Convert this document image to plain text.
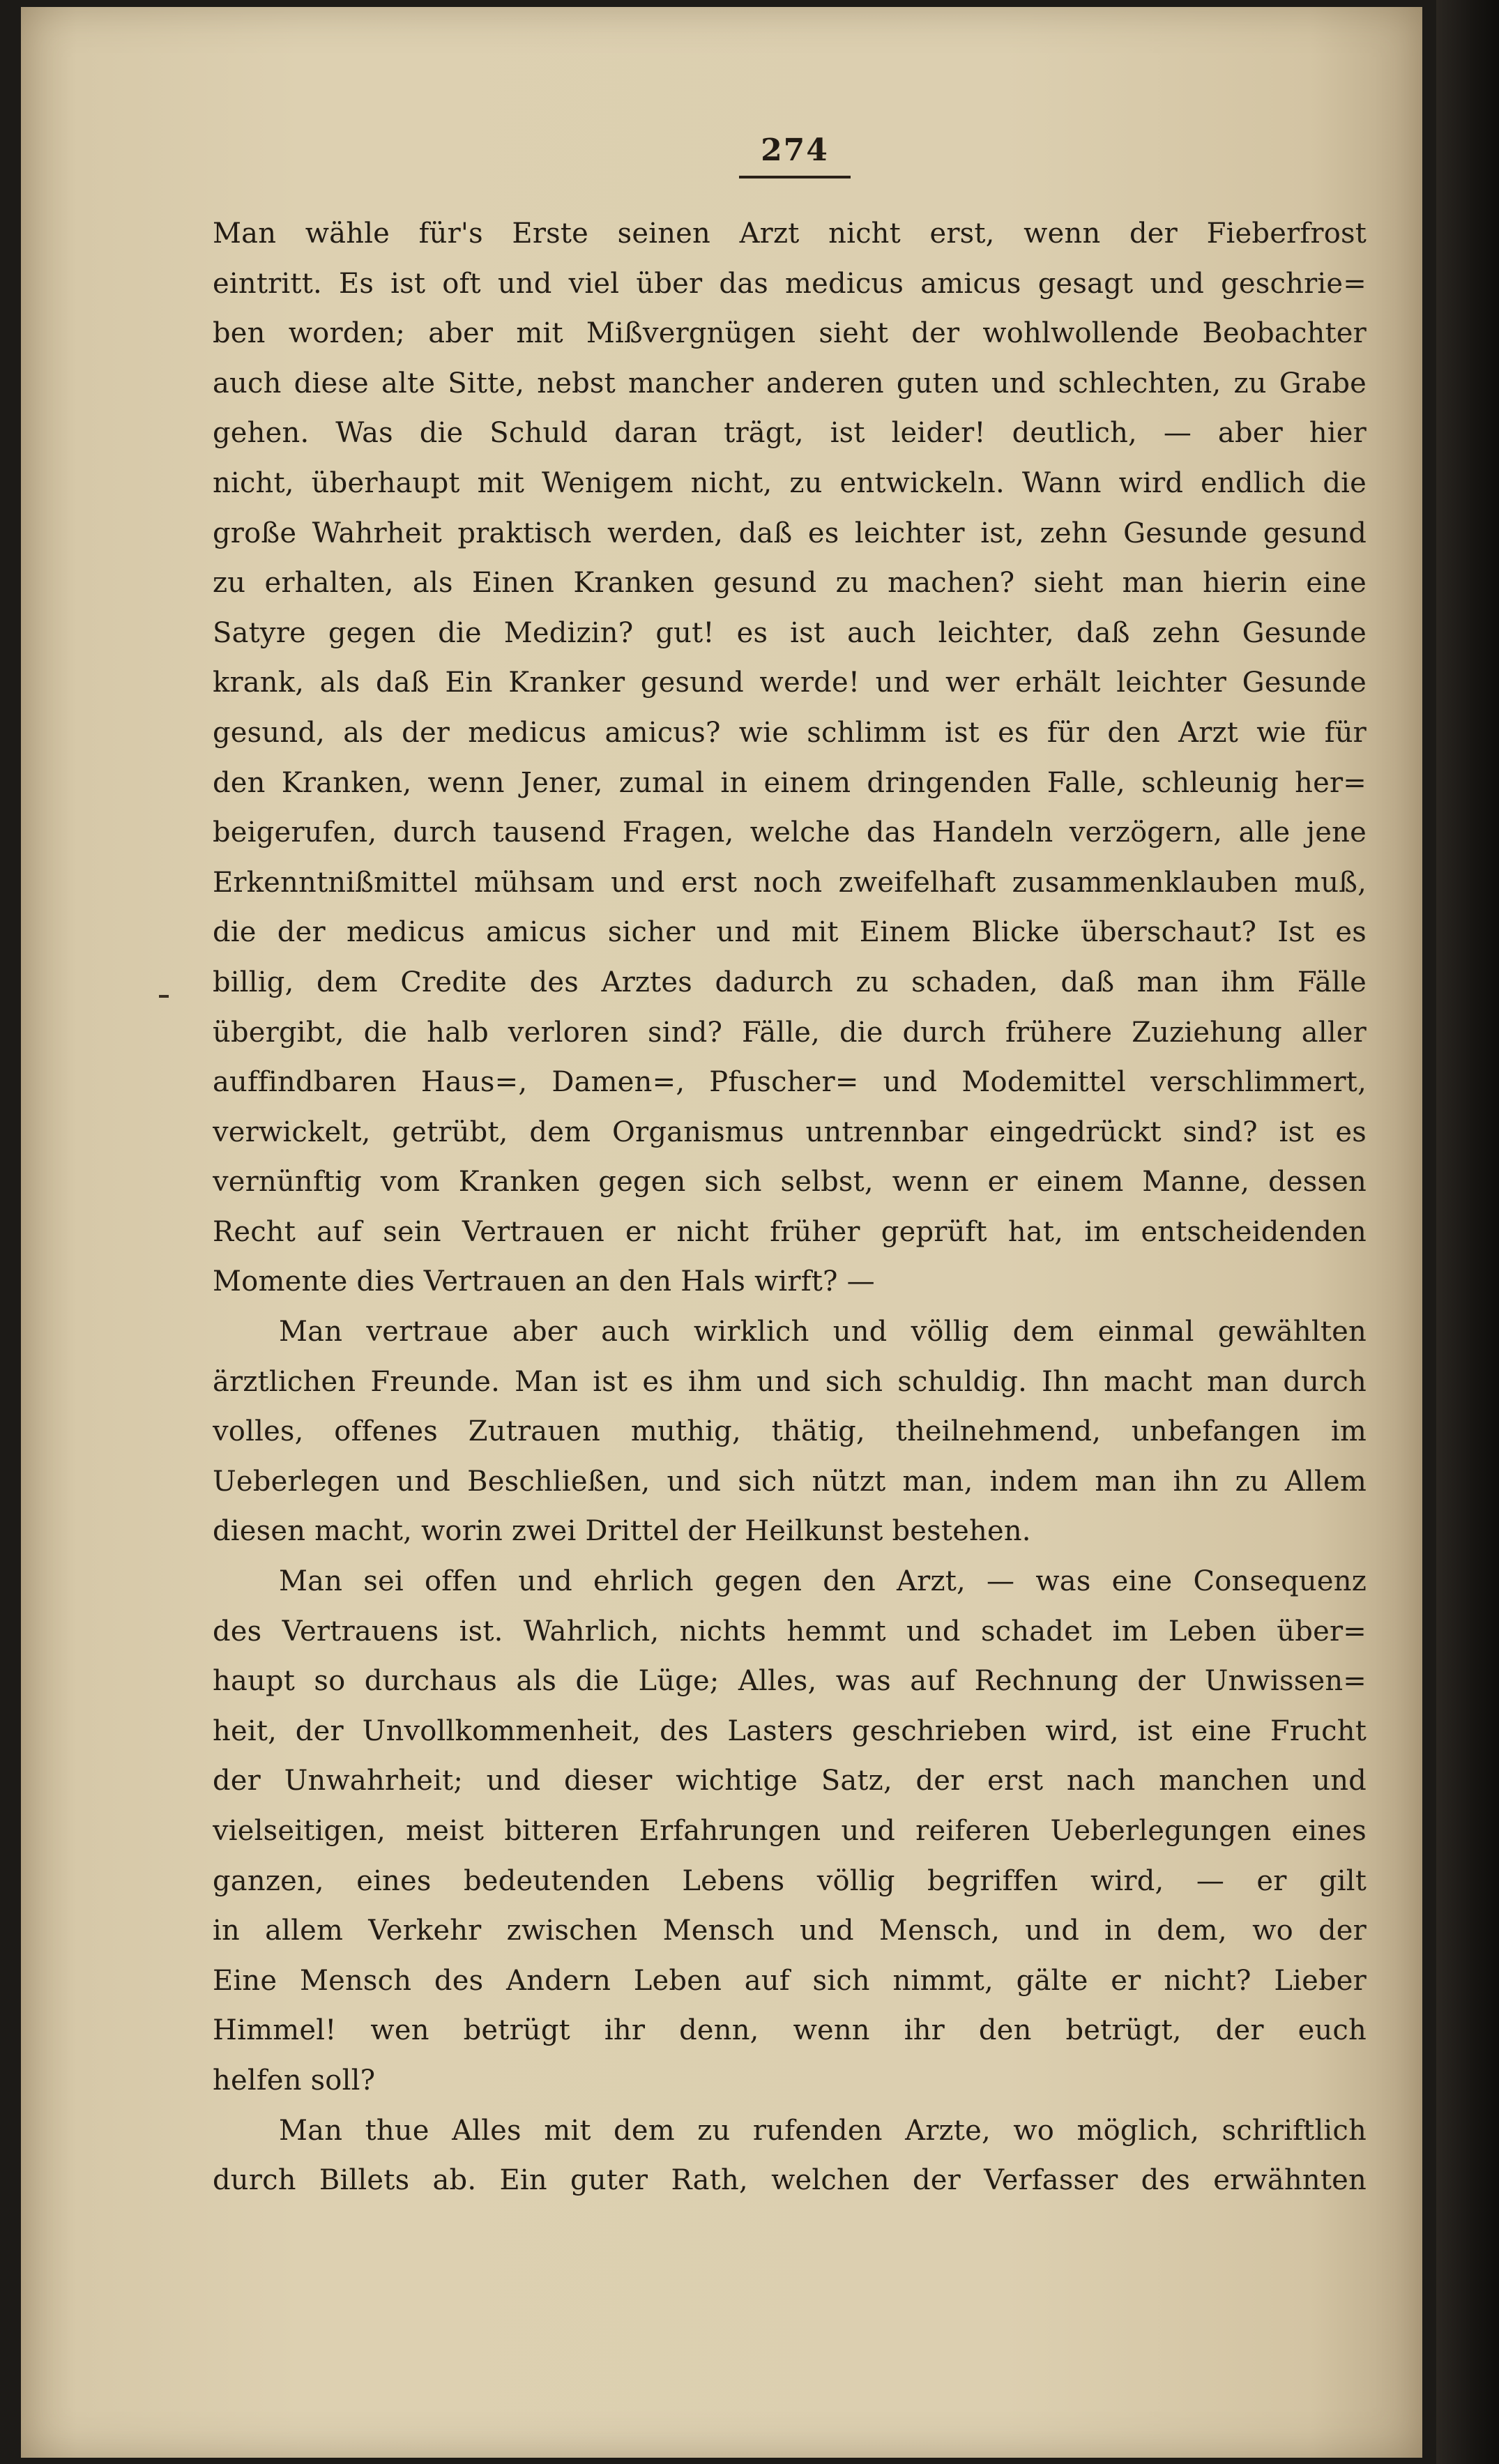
274
Man wähle für's Erste seinen Arzt nicht erst, wenn der Fieberfrost
eintritt. Es ist oft und viel über das medicus amicus gesagt und geschrie=
ben worden; aber mit Mißvergnügen sieht der wohlwollende Beobachter
auch diese alte Sitte, nebst mancher anderen guten und schlechten, zu Grabe
gehen. Was die Schuld daran trägt, ist leider! deutlich, — aber hier
nicht, überhaupt mit Wenigem nicht, zu entwickeln. Wann wird endlich die
große Wahrheit praktisch werden, daß es leichter ist, zehn Gesunde gesund
zu erhalten, als Einen Kranken gesund zu machen? sieht man hierin eine
Satyre gegen die Medizin? gut! es ist auch leichter, daß zehn Gesunde
krank, als daß Ein Kranker gesund werde! und wer erhält leichter Gesunde
gesund, als der medicus amicus? wie schlimm ist es für den Arzt wie für
den Kranken, wenn Jener, zumal in einem dringenden Falle, schleunig her=
beigerufen, durch tausend Fragen, welche das Handeln verzögern, alle jene
Erkenntnißmittel mühsam und erst noch zweifelhaft zusammenklauben muß,
die der medicus amicus sicher und mit Einem Blicke überschaut? Ist es
billig, dem Credite des Arztes dadurch zu schaden, daß man ihm Fälle
übergibt, die halb verloren sind? Fälle, die durch frühere Zuziehung aller
auffindbaren Haus=, Damen=, Pfuscher= und Modemittel verschlimmert,
verwickelt, getrübt, dem Organismus untrennbar eingedrückt sind? ist es
vernünftig vom Kranken gegen sich selbst, wenn er einem Manne, dessen
Recht auf sein Vertrauen er nicht früher geprüft hat, im entscheidenden
Momente dies Vertrauen an den Hals wirft? —
Man vertraue aber auch wirklich und völlig dem einmal gewählten
ärztlichen Freunde. Man ist es ihm und sich schuldig. Ihn macht man durch
volles, offenes Zutrauen muthig, thätig, theilnehmend, unbefangen im
Ueberlegen und Beschließen, und sich nützt man, indem man ihn zu Allem
diesen macht, worin zwei Drittel der Heilkunst bestehen.
Man sei offen und ehrlich gegen den Arzt, — was eine Consequenz
des Vertrauens ist. Wahrlich, nichts hemmt und schadet im Leben über=
haupt so durchaus als die Lüge; Alles, was auf Rechnung der Unwissen=
heit, der Unvollkommenheit, des Lasters geschrieben wird, ist eine Frucht
der Unwahrheit; und dieser wichtige Satz, der erst nach manchen und
vielseitigen, meist bitteren Erfahrungen und reiferen Ueberlegungen eines
ganzen, eines bedeutenden Lebens völlig begriffen wird, — er gilt
in allem Verkehr zwischen Mensch und Mensch, und in dem, wo der
Eine Mensch des Andern Leben auf sich nimmt, gälte er nicht? Lieber
Himmel! wen betrügt ihr denn, wenn ihr den betrügt, der euch
helfen soll?
Man thue Alles mit dem zu rufenden Arzte, wo möglich, schriftlich
durch Billets ab. Ein guter Rath, welchen der Verfasser des erwähnten
